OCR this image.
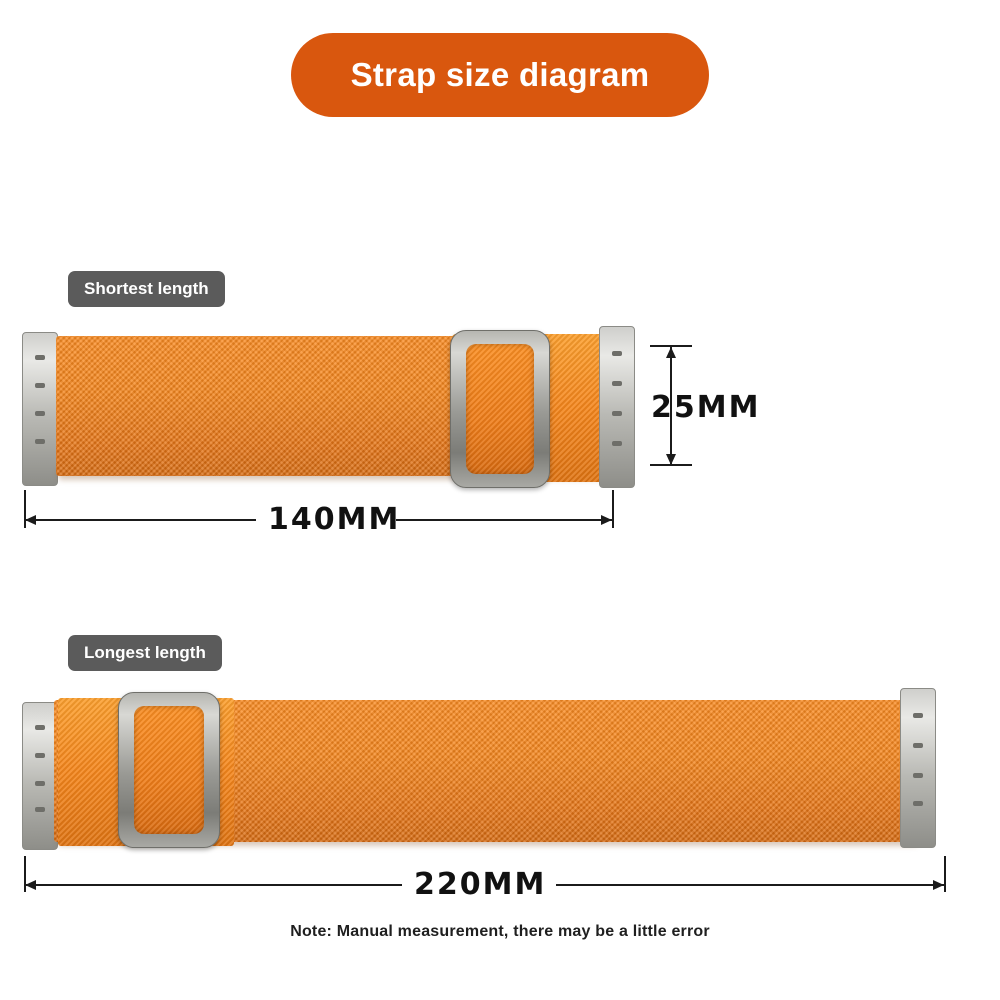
Strap size diagram
Shortest length
25MM
140MM
Longest length
220MM
Note: Manual measurement, there may be a little error
